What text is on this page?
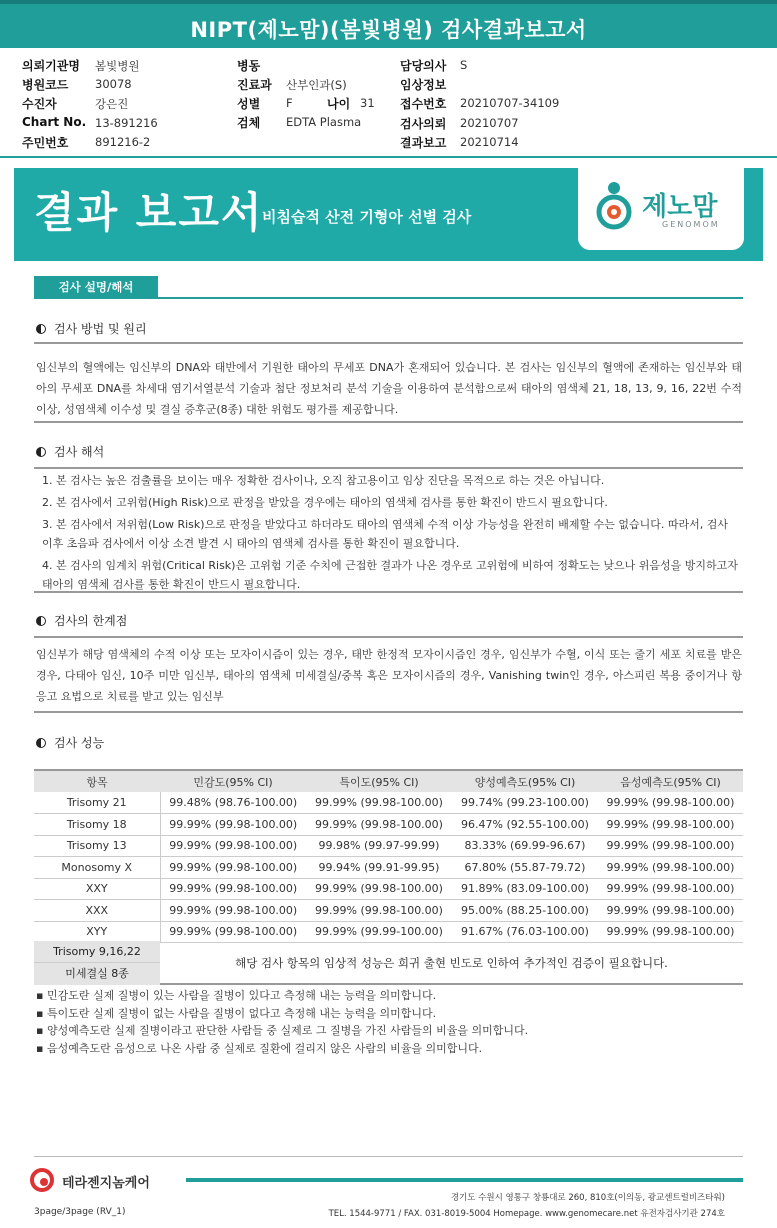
NIPT(제노맘)(봄빛병원) 검사결과보고서
의뢰기관명 봄빛병원
병원코드 30078
수진자	강은진
Chart No. 13-891216
주민번호 891216-2
병동
진료과 산부인과(S)
성별 F	나이 31
검체 EDTA Plasma
담당의사 S
임상정보
접수번호 20210707-34109
검사의뢰 20210707
결과보고 20210714
결과 보고서
비침습적 산전 기형아 선별 검사	제노맘
GENOMOM
검사 설명/해석
검사 방법 및 원리
임신부의 혈액에는 임신부의 DNA와 태반에서 기원한 태아의 무세포 DNA가 혼재되어 있습니다. 본 검사는 임신부의 혈액에 존재하는 임신부와 태아의 무세포 DNA를 차세대 염기서열분석 기술과 첨단 정보처리 분석 기술을 이용하여 분석함으로써 태아의 염색체 21, 18, 13, 9, 16, 22번 수적 이상, 성염색체 이수성 및 결실 증후군(8종) 대한 위험도 평가를 제공합니다.
검사 해석
1. 본 검사는 높은 검출률을 보이는 매우 정확한 검사이나, 오직 참고용이고 임상 진단을 목적으로 하는 것은 아닙니다.
2. 본 검사에서 고위험(High Risk)으로 판정을 받았을 경우에는 태아의 염색체 검사를 통한 확진이 반드시 필요합니다.
3. 본 검사에서 저위험(Low Risk)으로 판정을 받았다고 하더라도 태아의 염색체 수적 이상 가능성을 완전히 배제할 수는 없습니다. 따라서, 검사 이후 초음파 검사에서 이상 소견 발견 시 태아의 염색체 검사를 통한 확진이 필요합니다.
4. 본 검사의 임계치 위험(Critical Risk)은 고위험 기준 수치에 근접한 결과가 나온 경우로 고위험에 비하여 정확도는 낮으나 위음성을 방지하고자 태아의 염색체 검사를 통한 확진이 반드시 필요합니다.
검사의 한계점
임신부가 해당 염색체의 수적 이상 또는 모자이시즘이 있는 경우, 태반 한정적 모자이시즘인 경우, 임신부가 수혈, 이식 또는 줄기 세포 치료를 받은 경우, 다태아 임신, 10주 미만 임신부, 태아의 염색체 미세결실/중복 혹은 모자이시즘의 경우, Vanishing twin인 경우, 아스피린 복용 중이거나 항 응고 요법으로 치료를 받고 있는 임신부
검사 성능
항목	민감도(95% CI)	특이도(95% CI)	양성예측도(95% CI)	음성예측도(95% CI)
Trisomy 21	99.48% (98.76-100.00)	99.99% (99.98-100.00)	99.74% (99.23-100.00)	99.99% (99.98-100.00)
Trisomy 18	99.99% (99.98-100.00)	99.99% (99.98-100.00)	96.47% (92.55-100.00)	99.99% (99.98-100.00)
Trisomy 13	99.99% (99.98-100.00)	99.98% (99.97-99.99)	83.33% (69.99-96.67)	99.99% (99.98-100.00)
Monosomy X	99.99% (99.98-100.00)	99.94% (99.91-99.95)	67.80% (55.87-79.72)	99.99% (99.98-100.00)
XXY	99.99% (99.98-100.00)	99.99% (99.98-100.00)	91.89% (83.09-100.00)	99.99% (99.98-100.00)
XXX	99.99% (99.98-100.00)	99.99% (99.98-100.00)	95.00% (88.25-100.00)	99.99% (99.98-100.00)
XYY	99.99% (99.98-100.00)	99.99% (99.99-100.00)	91.67% (76.03-100.00)	99.99% (99.98-100.00)
Trisomy 9,16,22
미세결실 8종
해당 검사 항목의 임상적 성능은 희귀 출현 빈도로 인하여 추가적인 검증이 필요합니다.
▪ 민감도란 실제 질병이 있는 사람을 질병이 있다고 측정해 내는 능력을 의미합니다.
▪ 특이도란 실제 질병이 없는 사람을 질병이 없다고 측정해 내는 능력을 의미합니다.
▪ 양성예측도란 실제 질병이라고 판단한 사람들 중 실제로 그 질병을 가진 사람들의 비율을 의미합니다.
▪ 음성예측도란 음성으로 나온 사람 중 실제로 질환에 걸리지 않은 사람의 비율을 의미합니다.
테라젠지놈케어
경기도 수원시 영통구 창룡대로 260, 810호(이의동, 광교센트럴비즈타워)
TEL. 1544-9771 / FAX. 031-8019-5004 Homepage. www.genomecare.net 유전자검사기관 274호
3page/3page (RV_1)
